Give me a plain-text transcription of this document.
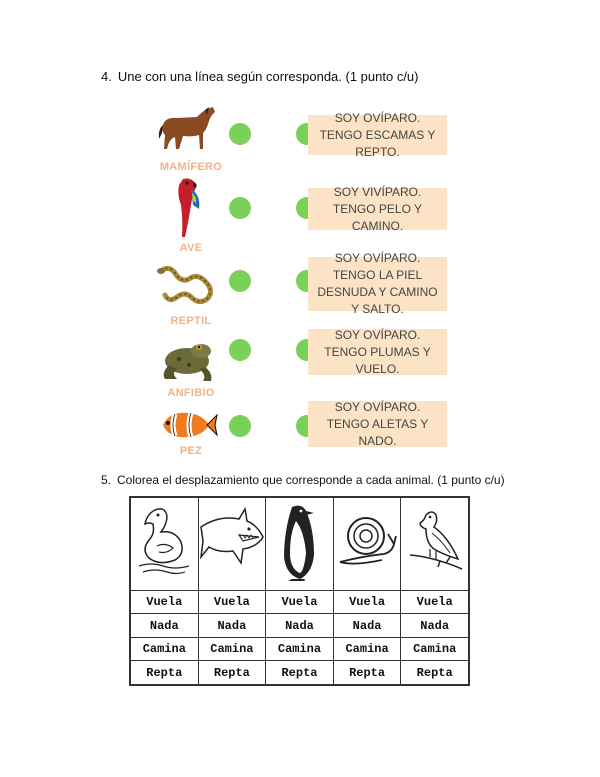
4. Une con una línea según corresponda. (1 punto c/u)
MAMÍFERO
SOY OVÍPARO. TENGO ESCAMAS Y REPTO.
AVE
SOY VIVÍPARO. TENGO PELO Y CAMINO.
REPTIL
SOY OVÍPARO. TENGO LA PIEL DESNUDA Y CAMINO Y SALTO.
ANFIBIO
SOY OVÍPARO. TENGO PLUMAS Y VUELO.
PEZ
SOY OVÍPARO. TENGO ALETAS Y NADO.
5. Colorea el desplazamiento que corresponde a cada animal. (1 punto c/u)

Vuela	Vuela	Vuela	Vuela	Vuela
Nada	Nada	Nada	Nada	Nada
Camina	Camina	Camina	Camina	Camina
Repta	Repta	Repta	Repta	Repta
